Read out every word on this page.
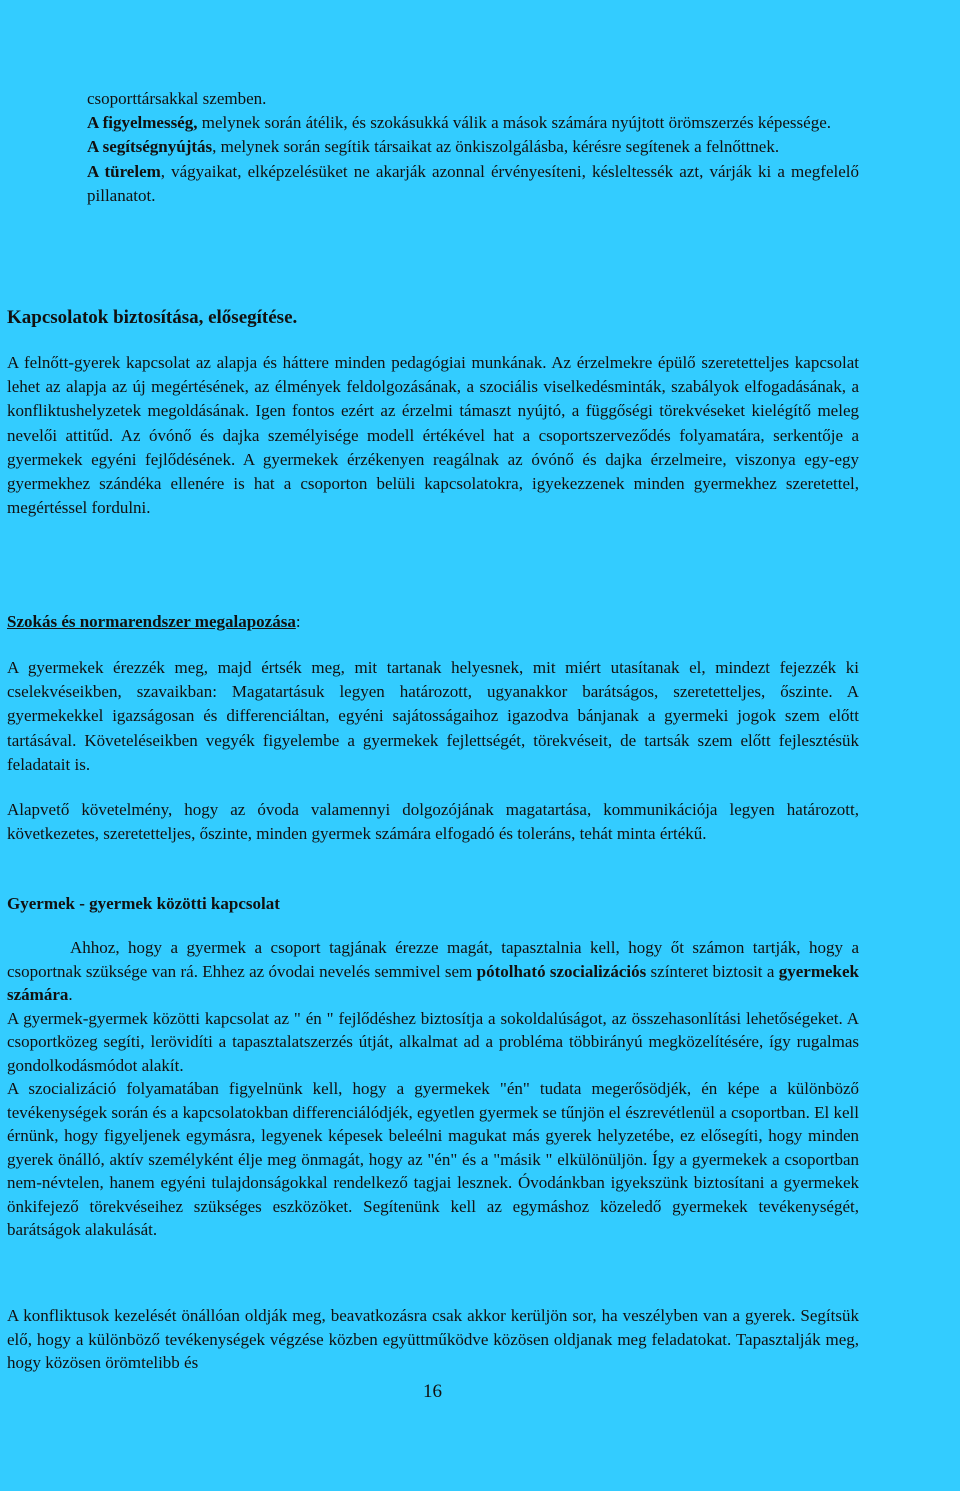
csoporttársakkal szemben.

A figyelmesség, melynek során átélik, és szokásukká válik a mások számára nyújtott örömszerzés képessége.

A segítségnyújtás, melynek során segítik társaikat az önkiszolgálásba, kérésre segítenek a felnőttnek.

A türelem, vágyaikat, elképzelésüket ne akarják azonnal érvényesíteni, késleltessék azt, várják ki a megfelelő pillanatot.

Kapcsolatok biztosítása, elősegítése.

A felnőtt-gyerek kapcsolat az alapja és háttere minden pedagógiai munkának. Az érzelmekre épülő szeretetteljes kapcsolat lehet az alapja az új megértésének, az élmények feldolgozásának, a szociális viselkedésminták, szabályok elfogadásának, a konfliktushelyzetek megoldásának. Igen fontos ezért az érzelmi támaszt nyújtó, a függőségi törekvéseket kielégítő meleg nevelői attitűd. Az óvónő és dajka személyisége modell értékével hat a csoportszerveződés folyamatára, serkentője a gyermekek egyéni fejlődésének. A gyermekek érzékenyen reagálnak az óvónő és dajka érzelmeire, viszonya egy-egy gyermekhez szándéka ellenére is hat a csoporton belüli kapcsolatokra, igyekezzenek minden gyermekhez szeretettel, megértéssel fordulni.

Szokás és normarendszer megalapozása:

A gyermekek érezzék meg, majd értsék meg, mit tartanak helyesnek, mit miért utasítanak el, mindezt fejezzék ki cselekvéseikben, szavaikban: Magatartásuk legyen határozott, ugyanakkor barátságos, szeretetteljes, őszinte. A gyermekekkel igazságosan és differenciáltan, egyéni sajátosságaihoz igazodva bánjanak a gyermeki jogok szem előtt tartásával. Követeléseikben vegyék figyelembe a gyermekek fejlettségét, törekvéseit, de tartsák szem előtt fejlesztésük feladatait is.

Alapvető követelmény, hogy az óvoda valamennyi dolgozójának magatartása, kommunikációja legyen határozott, következetes, szeretetteljes, őszinte, minden gyermek számára elfogadó és toleráns, tehát minta értékű.

Gyermek - gyermek közötti kapcsolat

Ahhoz, hogy a gyermek a csoport tagjának érezze magát, tapasztalnia kell, hogy őt számon tartják, hogy a csoportnak szüksége van rá. Ehhez az óvodai nevelés semmivel sem pótolható szocializációs színteret biztosit a gyermekek számára.

A gyermek-gyermek közötti kapcsolat az " én " fejlődéshez biztosítja a sokoldalúságot, az összehasonlítási lehetőségeket. A csoportközeg segíti, lerövidíti a tapasztalatszerzés útját, alkalmat ad a probléma többirányú megközelítésére, így rugalmas gondolkodásmódot alakít.

A szocializáció folyamatában figyelnünk kell, hogy a gyermekek "én" tudata megerősödjék, én képe a különböző tevékenységek során és a kapcsolatokban differenciálódjék, egyetlen gyermek se tűnjön el észrevétlenül a csoportban. El kell érnünk, hogy figyeljenek egymásra, legyenek képesek beleélni magukat más gyerek helyzetébe, ez elősegíti, hogy minden gyerek önálló, aktív személyként élje meg önmagát, hogy az "én" és a "másik " elkülönüljön. Így a gyermekek a csoportban nem-névtelen, hanem egyéni tulajdonságokkal rendelkező tagjai lesznek. Óvodánkban igyekszünk biztosítani a gyermekek önkifejező törekvéseihez szükséges eszközöket. Segítenünk kell az egymáshoz közeledő gyermekek tevékenységét, barátságok alakulását.

A konfliktusok kezelését önállóan oldják meg, beavatkozásra csak akkor kerüljön sor, ha veszélyben van a gyerek. Segítsük elő, hogy a különböző tevékenységek végzése közben együttműködve közösen oldjanak meg feladatokat. Tapasztalják meg, hogy közösen örömtelibb és

16
